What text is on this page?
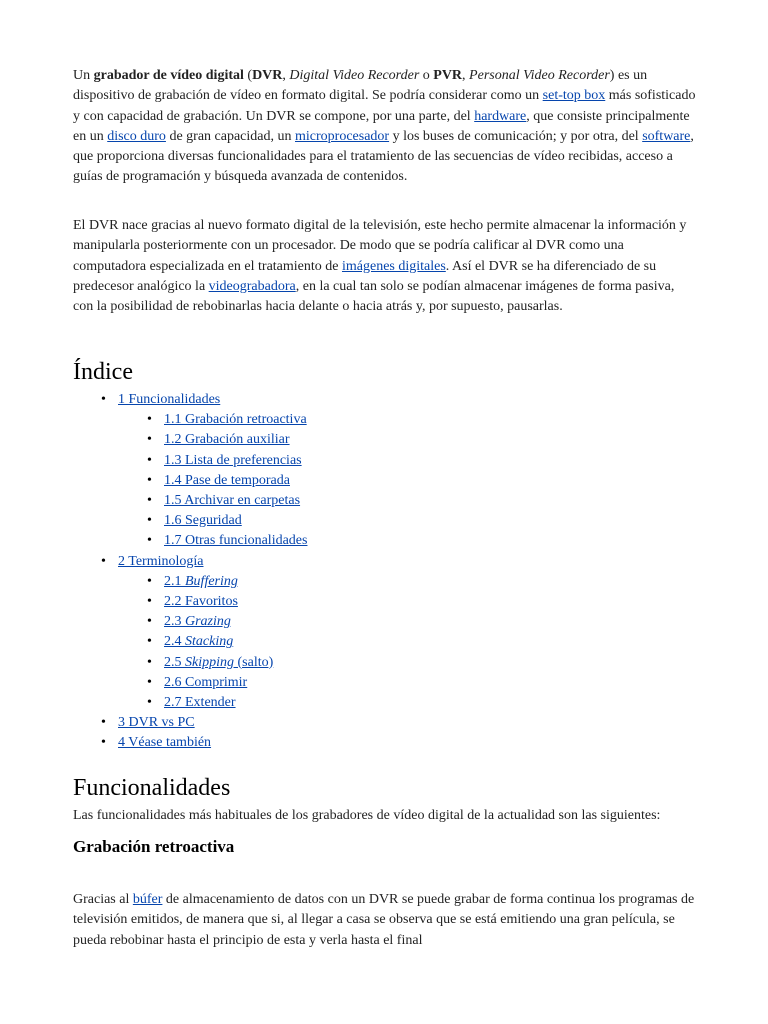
Un grabador de vídeo digital (DVR, Digital Video Recorder o PVR, Personal Video Recorder) es un dispositivo de grabación de vídeo en formato digital. Se podría considerar como un set-top box más sofisticado y con capacidad de grabación. Un DVR se compone, por una parte, del hardware, que consiste principalmente en un disco duro de gran capacidad, un microprocesador y los buses de comunicación; y por otra, del software, que proporciona diversas funcionalidades para el tratamiento de las secuencias de vídeo recibidas, acceso a guías de programación y búsqueda avanzada de contenidos.

El DVR nace gracias al nuevo formato digital de la televisión, este hecho permite almacenar la información y manipularla posteriormente con un procesador. De modo que se podría calificar al DVR como una computadora especializada en el tratamiento de imágenes digitales. Así el DVR se ha diferenciado de su predecesor analógico la videograbadora, en la cual tan solo se podían almacenar imágenes de forma pasiva, con la posibilidad de rebobinarlas hacia delante o hacia atrás y, por supuesto, pausarlas.

Índice
• 1 Funcionalidades
• 1.1 Grabación retroactiva
• 1.2 Grabación auxiliar
• 1.3 Lista de preferencias
• 1.4 Pase de temporada
• 1.5 Archivar en carpetas
• 1.6 Seguridad
• 1.7 Otras funcionalidades
• 2 Terminología
• 2.1 Buffering
• 2.2 Favoritos
• 2.3 Grazing
• 2.4 Stacking
• 2.5 Skipping (salto)
• 2.6 Comprimir
• 2.7 Extender
• 3 DVR vs PC
• 4 Véase también
Funcionalidades

Las funcionalidades más habituales de los grabadores de vídeo digital de la actualidad son las siguientes:

Grabación retroactiva

Gracias al búfer de almacenamiento de datos con un DVR se puede grabar de forma continua los programas de televisión emitidos, de manera que si, al llegar a casa se observa que se está emitiendo una gran película, se pueda rebobinar hasta el principio de esta y verla hasta el final
